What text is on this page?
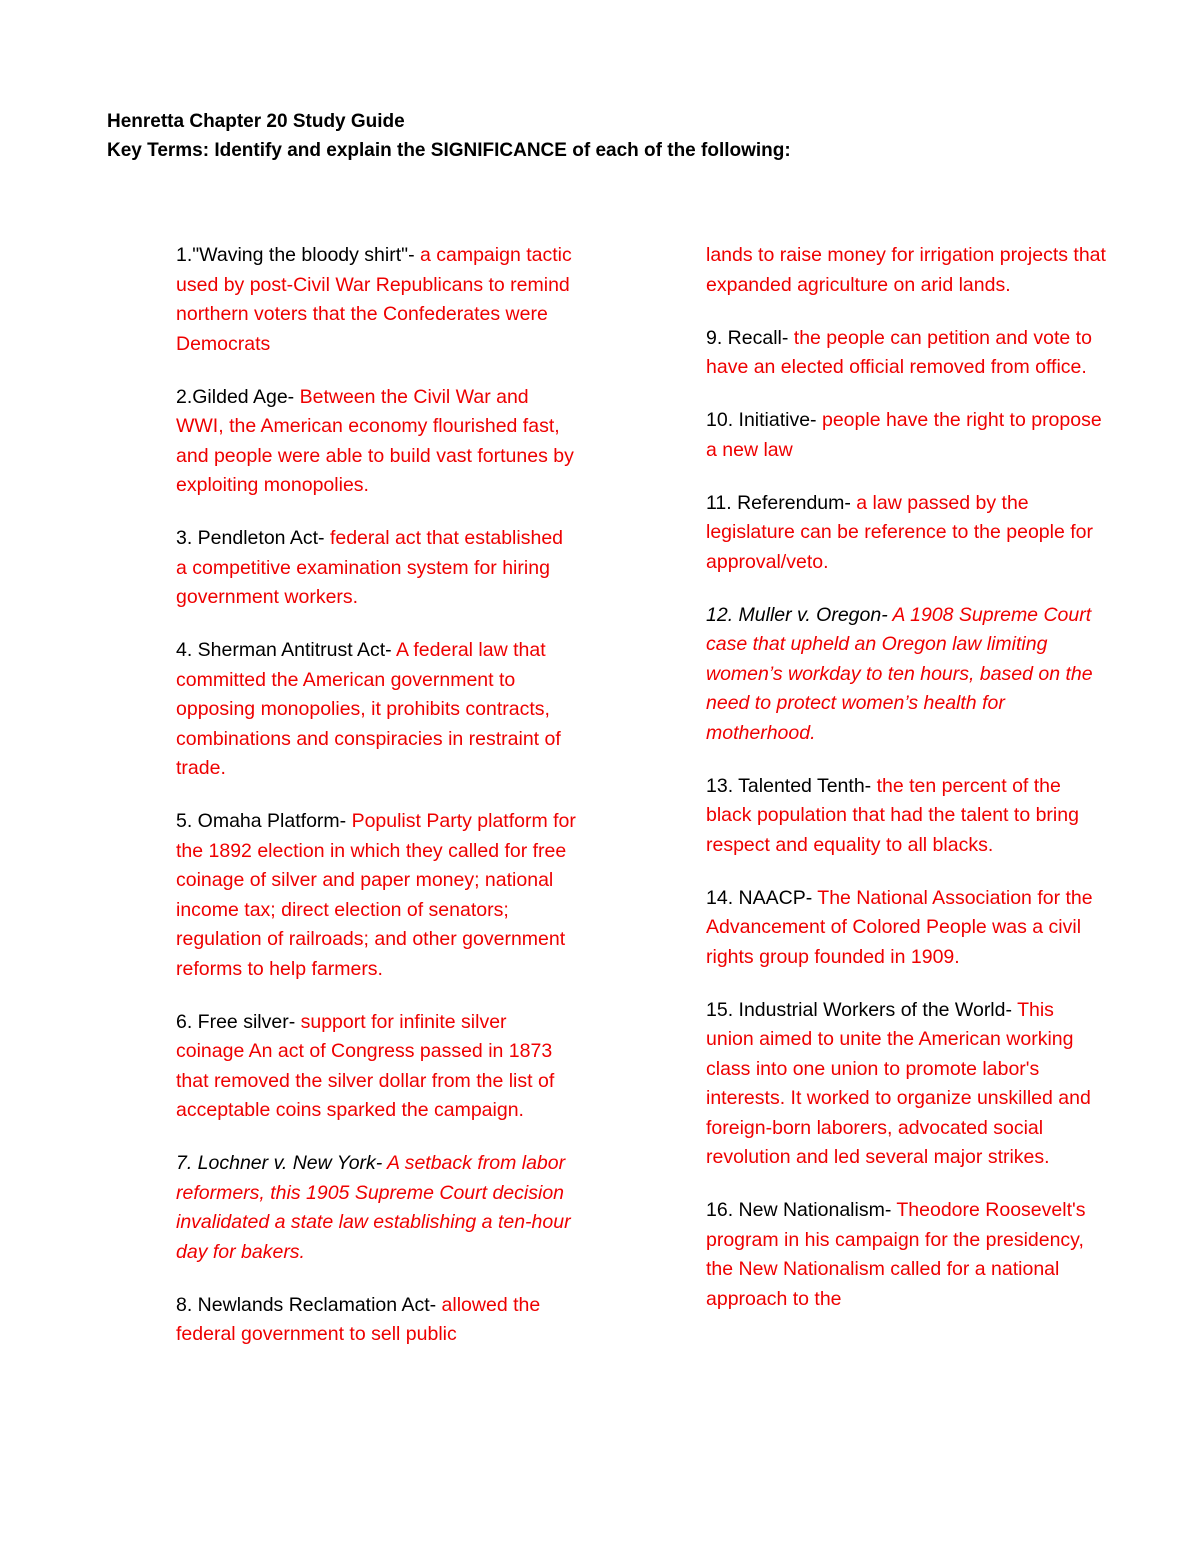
Henretta Chapter 20 Study Guide
Key Terms: Identify and explain the SIGNIFICANCE of each of the following:

1."Waving the bloody shirt"- a campaign tactic used by post-Civil War Republicans to remind northern voters that the Confederates were Democrats

2.Gilded Age- Between the Civil War and WWI, the American economy flourished fast, and people were able to build vast fortunes by exploiting monopolies.

3. Pendleton Act- federal act that established a competitive examination system for hiring government workers.

4. Sherman Antitrust Act- A federal law that committed the American government to opposing monopolies, it prohibits contracts, combinations and conspiracies in restraint of trade.

5. Omaha Platform- Populist Party platform for the 1892 election in which they called for free coinage of silver and paper money; national income tax; direct election of senators; regulation of railroads; and other government reforms to help farmers.

6. Free silver- support for infinite silver coinage An act of Congress passed in 1873 that removed the silver dollar from the list of acceptable coins sparked the campaign.

7. Lochner v. New York- A setback from labor reformers, this 1905 Supreme Court decision invalidated a state law establishing a ten-hour day for bakers.

8. Newlands Reclamation Act- allowed the federal government to sell public

lands to raise money for irrigation projects that expanded agriculture on arid lands.

9. Recall- the people can petition and vote to have an elected official removed from office.

10. Initiative- people have the right to propose a new law

11. Referendum- a law passed by the legislature can be reference to the people for approval/veto.

12. Muller v. Oregon- A 1908 Supreme Court case that upheld an Oregon law limiting women’s workday to ten hours, based on the need to protect women’s health for motherhood.

13. Talented Tenth- the ten percent of the black population that had the talent to bring respect and equality to all blacks.

14. NAACP- The National Association for the Advancement of Colored People was a civil rights group founded in 1909.

15. Industrial Workers of the World- This union aimed to unite the American working class into one union to promote labor's interests. It worked to organize unskilled and foreign-born laborers, advocated social revolution and led several major strikes.

16. New Nationalism- Theodore Roosevelt's program in his campaign for the presidency, the New Nationalism called for a national approach to the
